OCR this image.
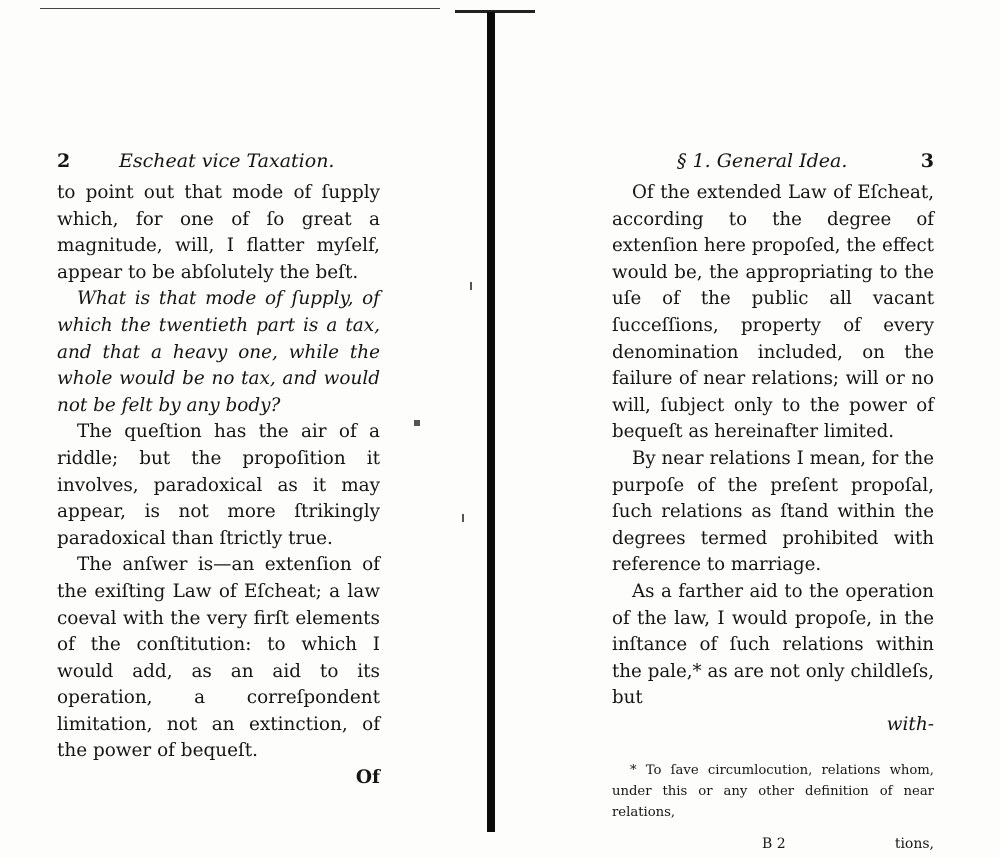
2	Escheat vice Taxation.

to point out that mode of ſupply which, for one of ſo great a magnitude, will, I flatter myſelf, appear to be abſolutely the beſt.

What is that mode of ſupply, of which the twentieth part is a tax, and that a heavy one, while the whole would be no tax, and would not be felt by any body?

The queſtion has the air of a riddle; but the propoſition it involves, paradoxical as it may appear, is not more ſtrikingly paradoxical than ſtrictly true.

The anſwer is—an extenſion of the exiſting Law of Eſcheat; a law coeval with the very firſt elements of the conſtitution: to which I would add, as an aid to its operation, a correſpondent limitation, not an extinction, of the power of bequeſt.

Of
§ 1. General Idea.	3

Of the extended Law of Eſcheat, according to the degree of extenſion here propoſed, the effect would be, the appropriating to the uſe of the public all vacant ſucceſſions, property of every denomination included, on the failure of near relations; will or no will, ſubject only to the power of bequeſt as hereinafter limited.

By near relations I mean, for the purpoſe of the preſent propoſal, ſuch relations as ſtand within the degrees termed prohibited with reference to marriage.

As a farther aid to the operation of the law, I would propoſe, in the inſtance of ſuch relations within the pale,* as are not only childleſs, but

with-

* To ſave circumlocution, relations whom, under this or any other definition of near relations,

B 2	tions,
